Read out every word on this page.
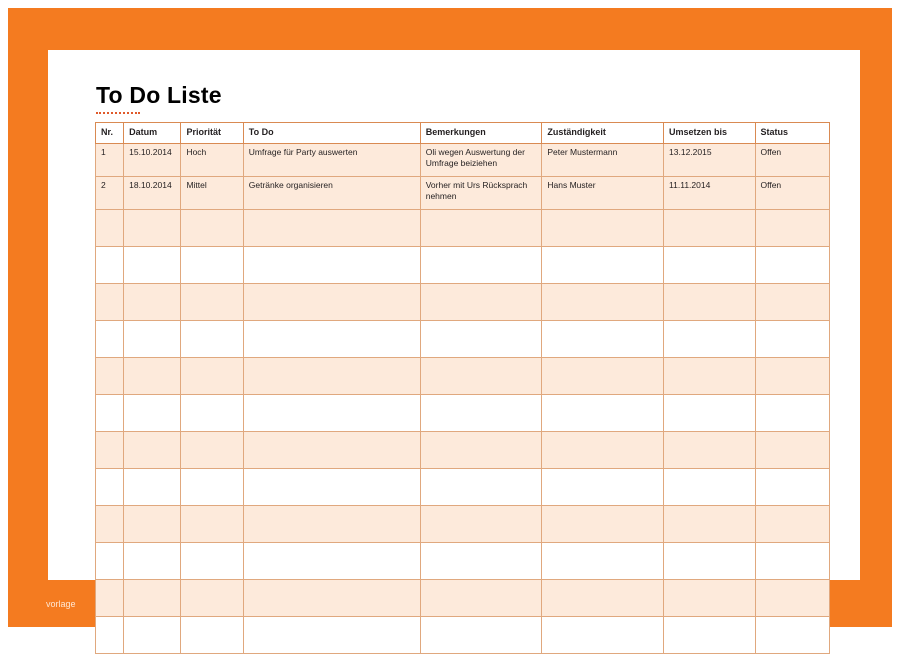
To Do Liste
Nr.	Datum	Priorität	To Do	Bemerkungen	Zuständigkeit	Umsetzen bis	Status
1	15.10.2014	Hoch	Umfrage für Party auswerten	Oli wegen Auswertung der Umfrage beiziehen	Peter Mustermann	13.12.2015	Offen
2	18.10.2014	Mittel	Getränke organisieren	Vorher mit Urs Rücksprach nehmen	Hans Muster	11.11.2014	Offen

vorlage
